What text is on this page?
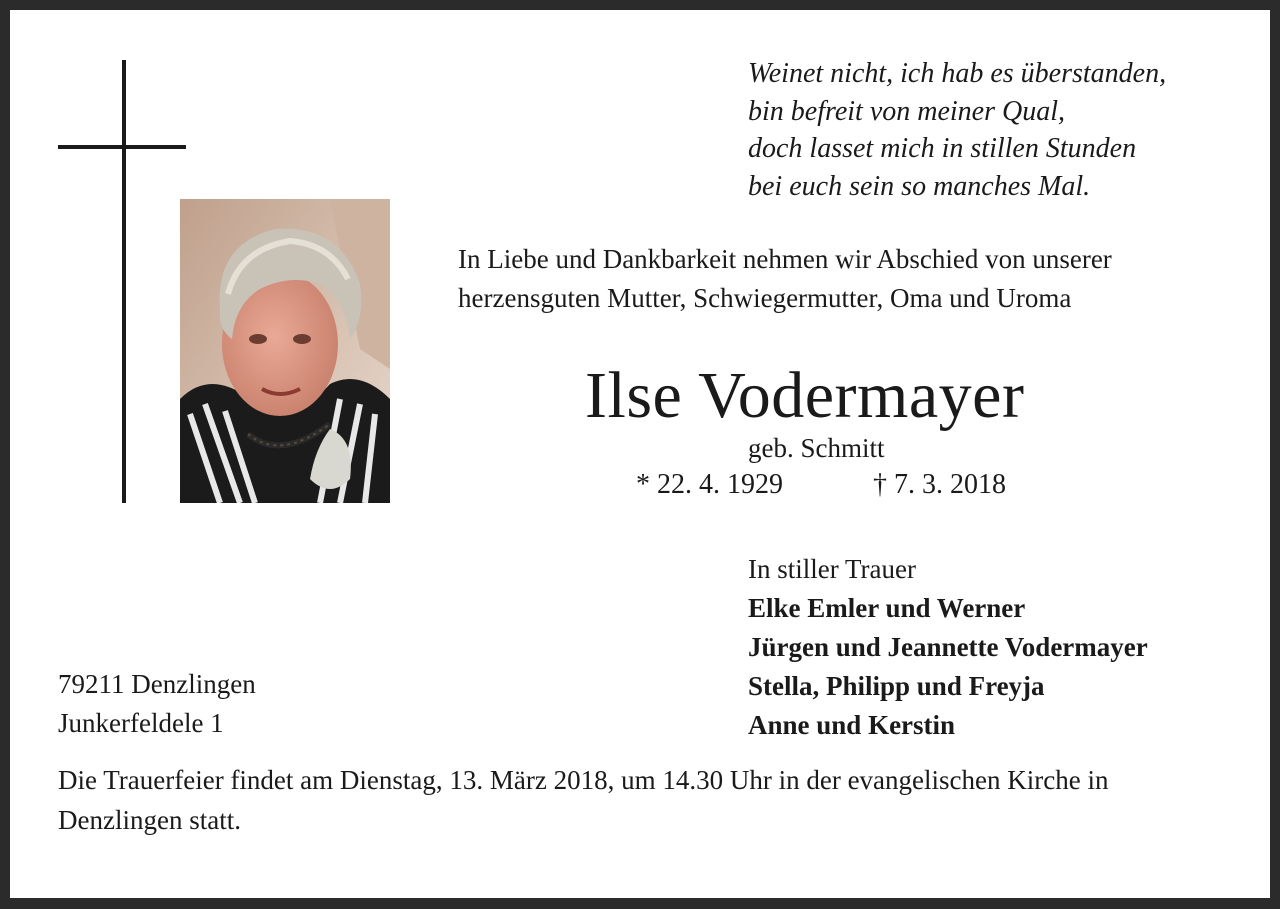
Weinet nicht, ich hab es überstanden,
bin befreit von meiner Qual,
doch lasset mich in stillen Stunden
bei euch sein so manches Mal.
In Liebe und Dankbarkeit nehmen wir Abschied von unserer
herzensguten Mutter, Schwiegermutter, Oma und Uroma
Ilse Vodermayer
geb. Schmitt
* 22. 4. 1929	† 7. 3. 2018
In stiller Trauer
Elke Emler und Werner
Jürgen und Jeannette Vodermayer
Stella, Philipp und Freyja
Anne und Kerstin
79211 Denzlingen
Junkerfeldele 1
Die Trauerfeier findet am Dienstag, 13. März 2018, um 14.30 Uhr in der evangelischen Kirche in Denzlingen statt.
